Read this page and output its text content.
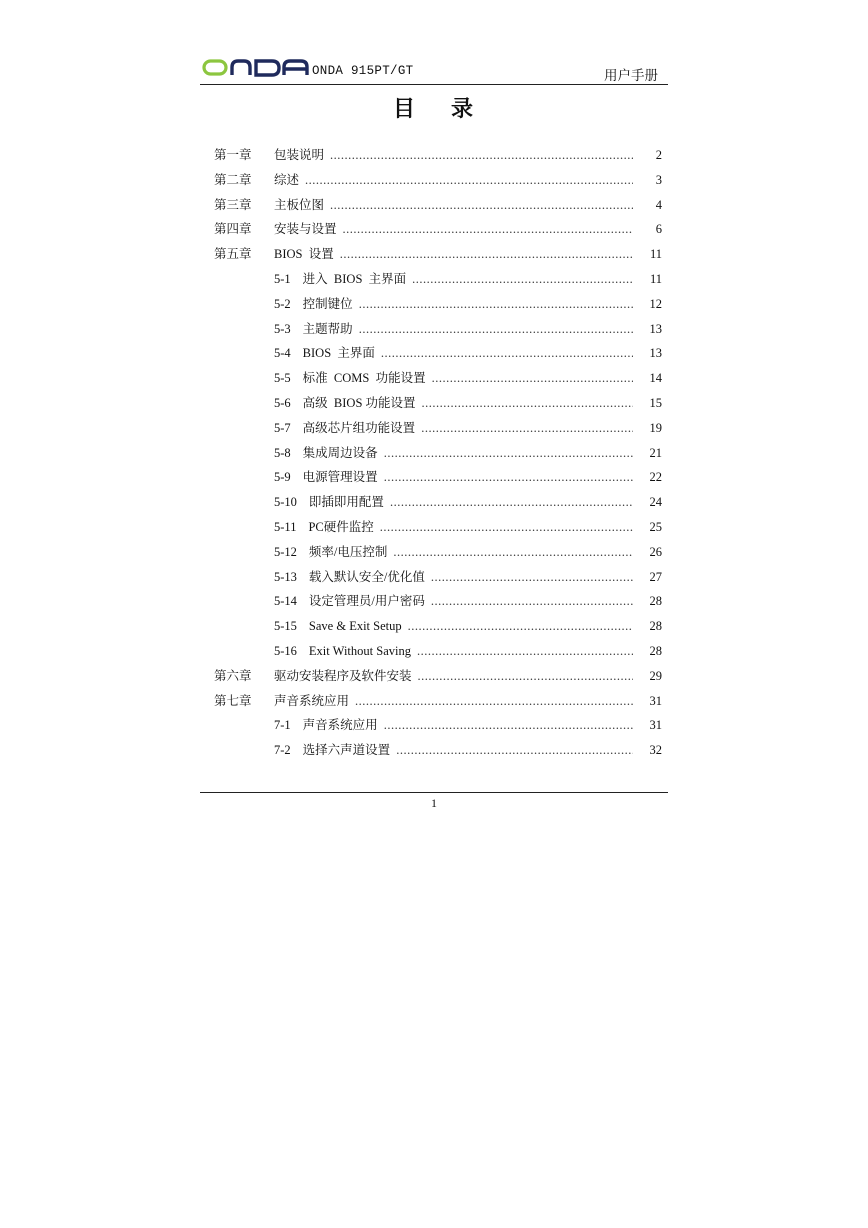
ONDA 915PT/GT	用户手册
目录
第一章 包装说明 .....	2
第二章 综述 .....	3
第三章 主板位图 .....	4
第四章 安装与设置 .....	6
第五章 BIOS  设置 .....	11
5-1 进入  BIOS  主界面 .....	11
5-2 控制键位 .....	12
5-3 主题帮助 .....	13
5-4 BIOS  主界面 .....	13
5-5 标准  COMS  功能设置 .....	14
5-6 高级  BIOS 功能设置 .....	15
5-7 高级芯片组功能设置 .....	19
5-8 集成周边设备 .....	21
5-9 电源管理设置 .....	22
5-10 即插即用配置 .....	24
5-11 PC硬件监控 .....	25
5-12 频率/电压控制 .....	26
5-13 载入默认安全/优化值 .....	27
5-14 设定管理员/用户密码 .....	28
5-15 Save & Exit Setup .....	28
5-16 Exit Without Saving .....	28
第六章 驱动安装程序及软件安装 .....	29
第七章 声音系统应用 .....	31
7-1 声音系统应用 .....	31
7-2 选择六声道设置 .....	32
1
